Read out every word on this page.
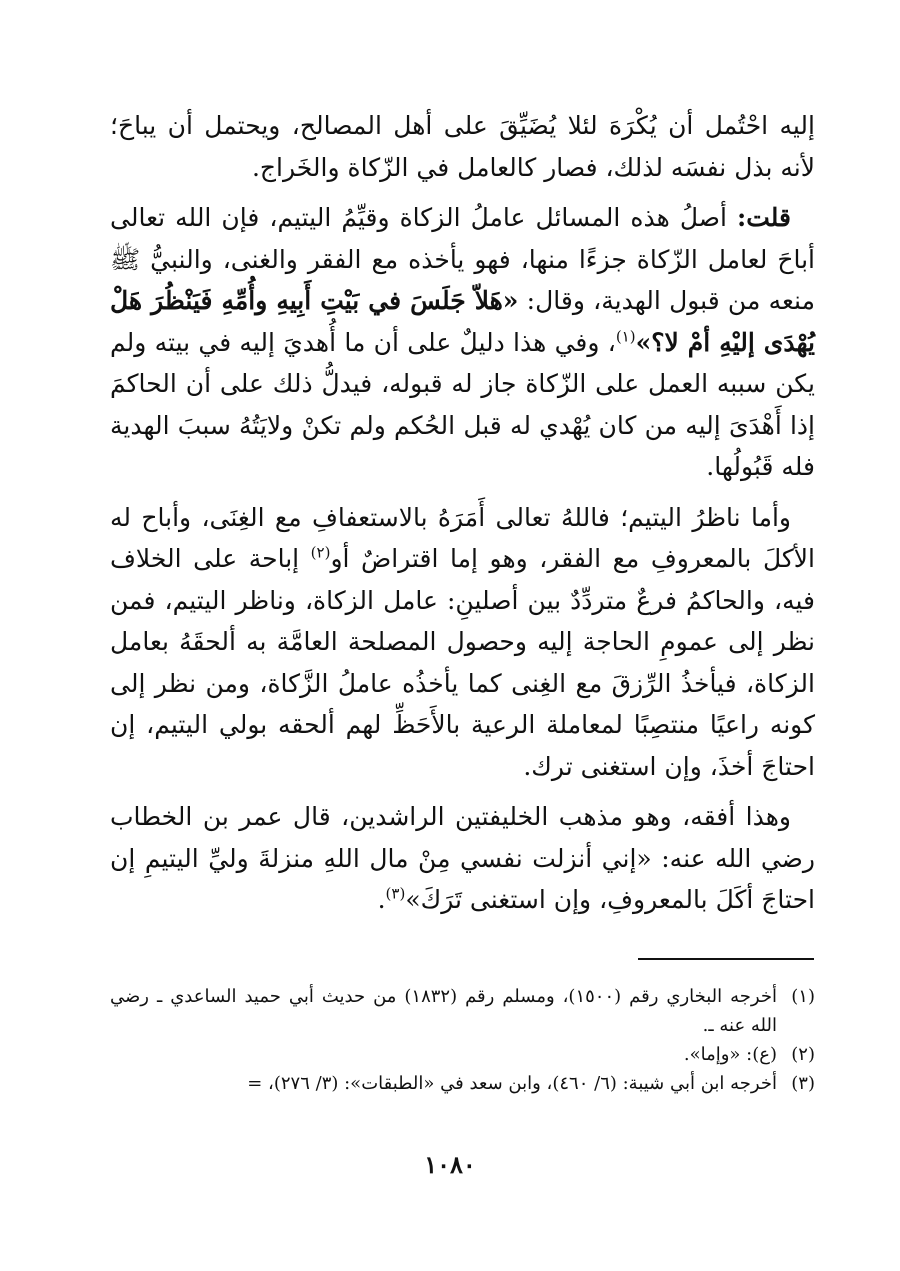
إليه احْتُمل أن يُكْرَهَ لئلا يُضَيِّقَ على أهل المصالح، ويحتمل أن يباحَ؛ لأنه بذل نفسَه لذلك، فصار كالعامل في الزّكاة والخَراج.

قلت: أصلُ هذه المسائل عاملُ الزكاة وقيِّمُ اليتيم، فإن الله تعالى أباحَ لعامل الزّكاة جزءًا منها، فهو يأخذه مع الفقر والغنى، والنبيُّ ﷺ منعه من قبول الهدية، وقال: «هَلاّ جَلَسَ في بَيْتِ أَبِيهِ وأُمِّهِ فَيَنْظُرَ هَلْ يُهْدَى إليْهِ أمْ لا؟»$^{(١)}$، وفي هذا دليلٌ على أن ما أُهديَ إليه في بيته ولم يكن سببه العمل على الزّكاة جاز له قبوله، فيدلُّ ذلك على أن الحاكمَ إذا أَهْدَىَ إليه من كان يُهْدي له قبل الحُكم ولم تكنْ ولايَتُهُ سببَ الهدية فله قَبُولُها.

وأما ناظرُ اليتيم؛ فاللهُ تعالى أَمَرَهُ بالاستعفافِ مع الغِنَى، وأباح له الأكلَ بالمعروفِ مع الفقر، وهو إما اقتراضٌ أو$^{(٢)}$ إباحة على الخلاف فيه، والحاكمُ فرعٌ متردِّدٌ بين أصلينِ: عامل الزكاة، وناظر اليتيم، فمن نظر إلى عمومِ الحاجة إليه وحصول المصلحة العامَّة به ألحقَهُ بعامل الزكاة، فيأخذُ الرِّزقَ مع الغِنى كما يأخذُه عاملُ الزَّكاة، ومن نظر إلى كونه راعيًا منتصِبًا لمعاملة الرعية بالأَحَظِّ لهم ألحقه بولي اليتيم، إن احتاجَ أخذَ، وإن استغنى ترك.

وهذا أفقه، وهو مذهب الخليفتين الراشدين، قال عمر بن الخطاب رضي الله عنه: «إني أنزلت نفسي مِنْ مال اللهِ منزلةَ وليِّ اليتيمِ إن احتاجَ أكَلَ بالمعروفِ، وإن استغنى تَرَكَ»$^{(٣)}$.

(١)
أخرجه البخاري رقم (١٥٠٠)، ومسلم رقم (١٨٣٢) من حديث أبي حميد الساعدي ـ رضي الله عنه ـ.
(٢)
(ع): «وإما».
(٣)
أخرجه ابن أبي شيبة: (٦/ ٤٦٠)، وابن سعد في «الطبقات»: (٣/ ٢٧٦)، =
١٠٨٠
